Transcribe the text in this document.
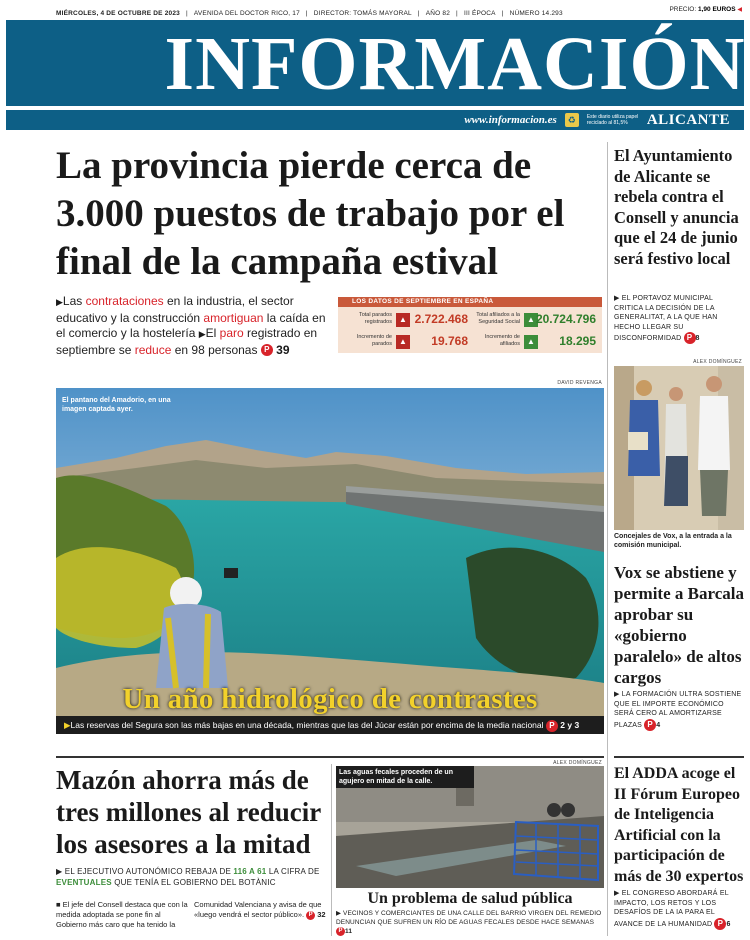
MIÉRCOLES, 4 DE OCTUBRE DE 2023 | AVENIDA DEL DOCTOR RICO, 17 | DIRECTOR: TOMÁS MAYORAL | AÑO 82 | III ÉPOCA | NÚMERO 14.293	PRECIO: 1,90 EUROS ◀
INFORMACIÓN
www.informacion.es	♻	Este diario utiliza papel reciclado al 81,5%	ALICANTE
La provincia pierde cerca de 3.000 puestos de trabajo por el final de la campaña estival
▶Las contrataciones en la industria, el sector educativo y la construcción amortiguan la caída en el comercio y la hostelería ▶El paro registrado en septiembre se reduce en 98 personas P 39
LOS DATOS DE SEPTIEMBRE EN ESPAÑA
Total parados registrados ▲ 2.722.468	Total afiliados a la Seguridad Social ▲ 20.724.796
Incremento de parados ▲ 19.768	Incremento de afiliados ▲ 18.295
DAVID REVENGA
El pantano del Amadorio, en una imagen captada ayer.
Un año hidrológico de contrastes
▶Las reservas del Segura son las más bajas en una década, mientras que las del Júcar están por encima de la media nacional P 2 y 3
El Ayuntamiento de Alicante se rebela contra el Consell y anuncia que el 24 de junio será festivo local
▶ EL PORTAVOZ MUNICIPAL CRITICA LA DECISIÓN DE LA GENERALITAT, A LA QUE HAN HECHO LLEGAR SU DISCONFORMIDAD P 8
ALEX DOMÍNGUEZ
Concejales de Vox, a la entrada a la comisión municipal.
Vox se abstiene y permite a Barcala aprobar su «gobierno paralelo» de altos cargos
▶ LA FORMACIÓN ULTRA SOSTIENE QUE EL IMPORTE ECONÓMICO SERÁ CERO AL AMORTIZARSE PLAZAS P 4
El ADDA acoge el II Fórum Europeo de Inteligencia Artificial con la participación de más de 30 expertos
▶ EL CONGRESO ABORDARÁ EL IMPACTO, LOS RETOS Y LOS DESAFÍOS DE LA IA PARA EL AVANCE DE LA HUMANIDAD P 6
Mazón ahorra más de tres millones al reducir los asesores a la mitad
▶ EL EJECUTIVO AUTONÓMICO REBAJA DE 116 A 61 LA CIFRA DE EVENTUALES QUE TENÍA EL GOBIERNO DEL BOTÀNIC
■ El jefe del Consell destaca que con la medida adoptada se pone fin al Gobierno más caro que ha tenido la Comunidad Valenciana y avisa de que «luego vendrá el sector público». P 32
ALEX DOMÍNGUEZ
Las aguas fecales proceden de un agujero en mitad de la calle.
Un problema de salud pública
▶ VECINOS Y COMERCIANTES DE UNA CALLE DEL BARRIO VIRGEN DEL REMEDIO DENUNCIAN QUE SUFREN UN RÍO DE AGUAS FECALES DESDE HACE SEMANAS P 11
